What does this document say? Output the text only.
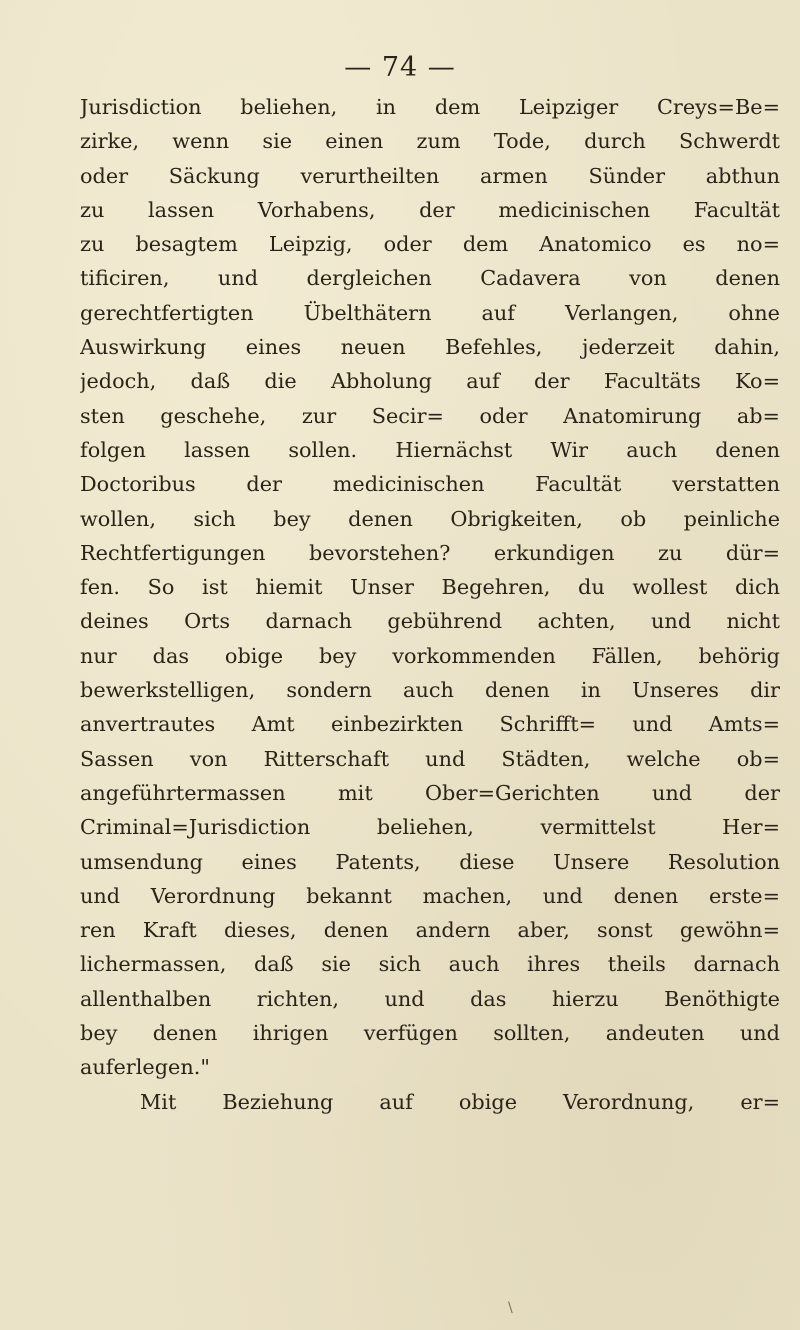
— 74 —
Jurisdiction beliehen, in dem Leipziger Creys=Be=
zirke, wenn sie einen zum Tode, durch Schwerdt
oder Säckung verurtheilten armen Sünder abthun
zu lassen Vorhabens, der medicinischen Facultät
zu besagtem Leipzig, oder dem Anatomico es no=
tificiren, und dergleichen Cadavera von denen
gerechtfertigten Übelthätern auf Verlangen, ohne
Auswirkung eines neuen Befehles, jederzeit dahin,
jedoch, daß die Abholung auf der Facultäts Ko=
sten geschehe, zur Secir= oder Anatomirung ab=
folgen lassen sollen. Hiernächst Wir auch denen
Doctoribus der medicinischen Facultät verstatten
wollen, sich bey denen Obrigkeiten, ob peinliche
Rechtfertigungen bevorstehen? erkundigen zu dür=
fen. So ist hiemit Unser Begehren, du wollest dich
deines Orts darnach gebührend achten, und nicht
nur das obige bey vorkommenden Fällen, behörig
bewerkstelligen, sondern auch denen in Unseres dir
anvertrautes Amt einbezirkten Schrifft= und Amts=
Sassen von Ritterschaft und Städten, welche ob=
angeführtermassen mit Ober=Gerichten und der
Criminal=Jurisdiction beliehen, vermittelst Her=
umsendung eines Patents, diese Unsere Resolution
und Verordnung bekannt machen, und denen erste=
ren Kraft dieses, denen andern aber, sonst gewöhn=
lichermassen, daß sie sich auch ihres theils darnach
allenthalben richten, und das hierzu Benöthigte
bey denen ihrigen verfügen sollten, andeuten und
auferlegen."
Mit Beziehung auf obige Verordnung, er=
\
